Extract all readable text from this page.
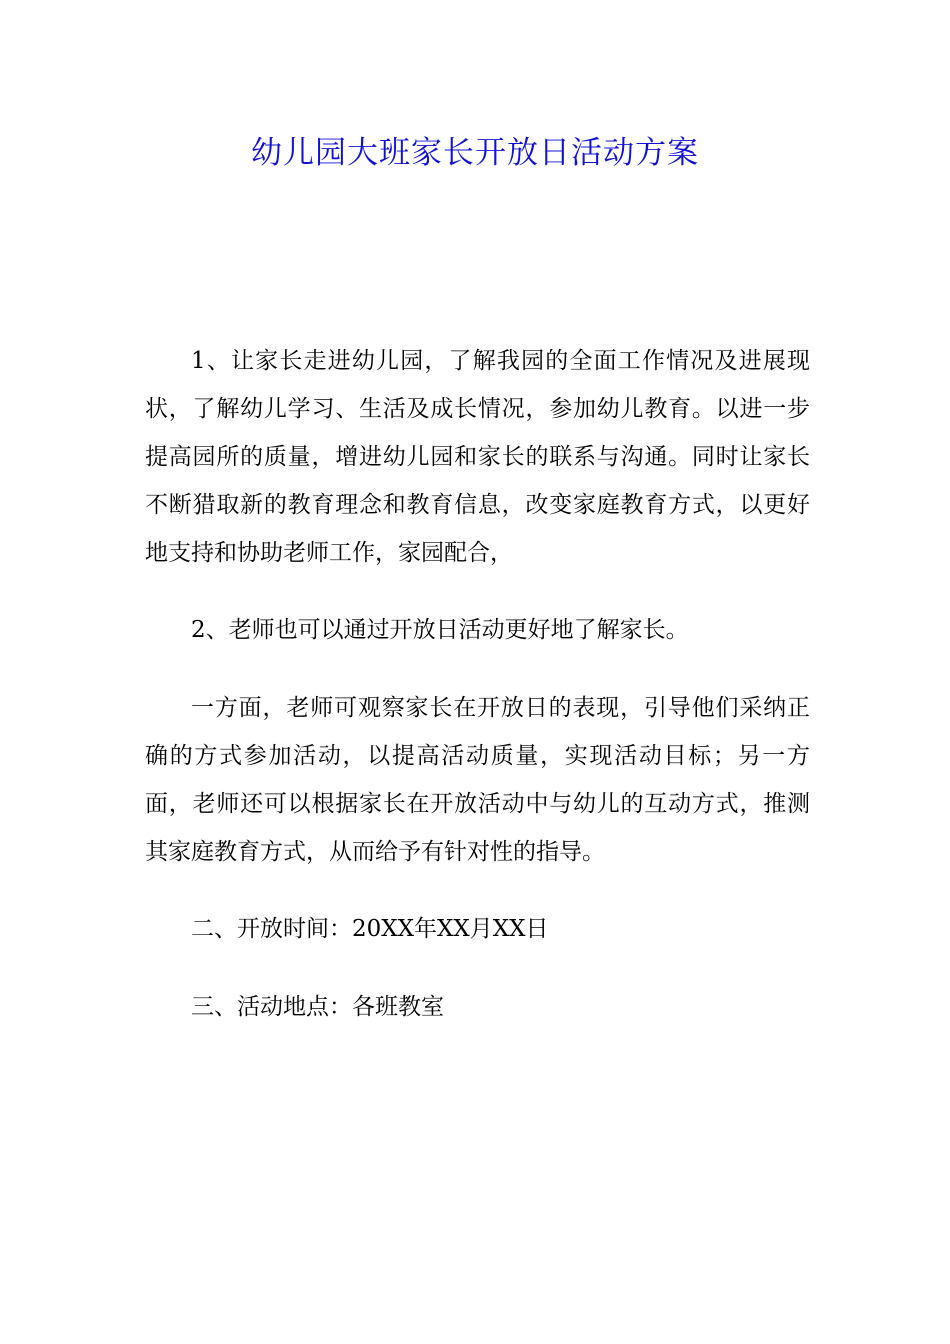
幼儿园大班家长开放日活动方案

1、让家长走进幼儿园，了解我园的全面工作情况及进展现状，了解幼儿学习、生活及成长情况，参加幼儿教育。以进一步提高园所的质量，增进幼儿园和家长的联系与沟通。同时让家长不断猎取新的教育理念和教育信息，改变家庭教育方式，以更好地支持和协助老师工作，家园配合，

2、老师也可以通过开放日活动更好地了解家长。

一方面，老师可观察家长在开放日的表现，引导他们采纳正确的方式参加活动，以提高活动质量，实现活动目标；另一方面，老师还可以根据家长在开放活动中与幼儿的互动方式，推测其家庭教育方式，从而给予有针对性的指导。

二、开放时间：20XX年XX月XX日

三、活动地点：各班教室
